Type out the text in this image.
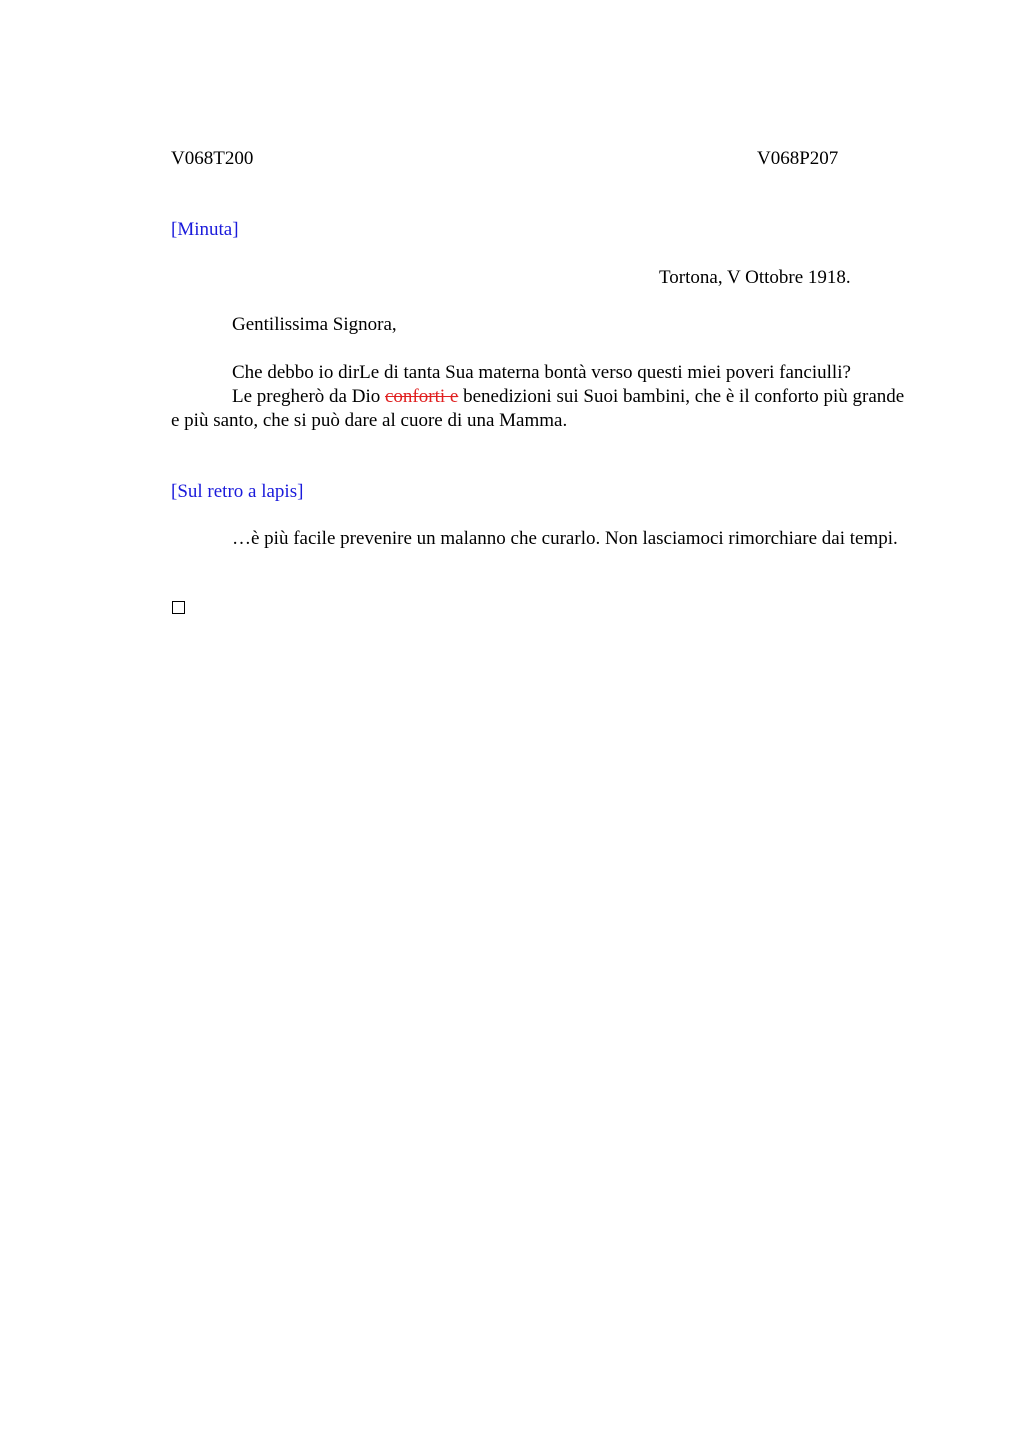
V068T200	V068P207
[Minuta]
Tortona, V Ottobre 1918.
Gentilissima Signora,
Che debbo io dirLe di tanta Sua materna bontà verso questi miei poveri fanciulli?
Le pregherò da Dio conforti e benedizioni sui Suoi bambini, che è il conforto più grande e più santo, che si può dare al cuore di una Mamma.
[Sul retro a lapis]
…è più facile prevenire un malanno che curarlo. Non lasciamoci rimorchiare dai tempi.
